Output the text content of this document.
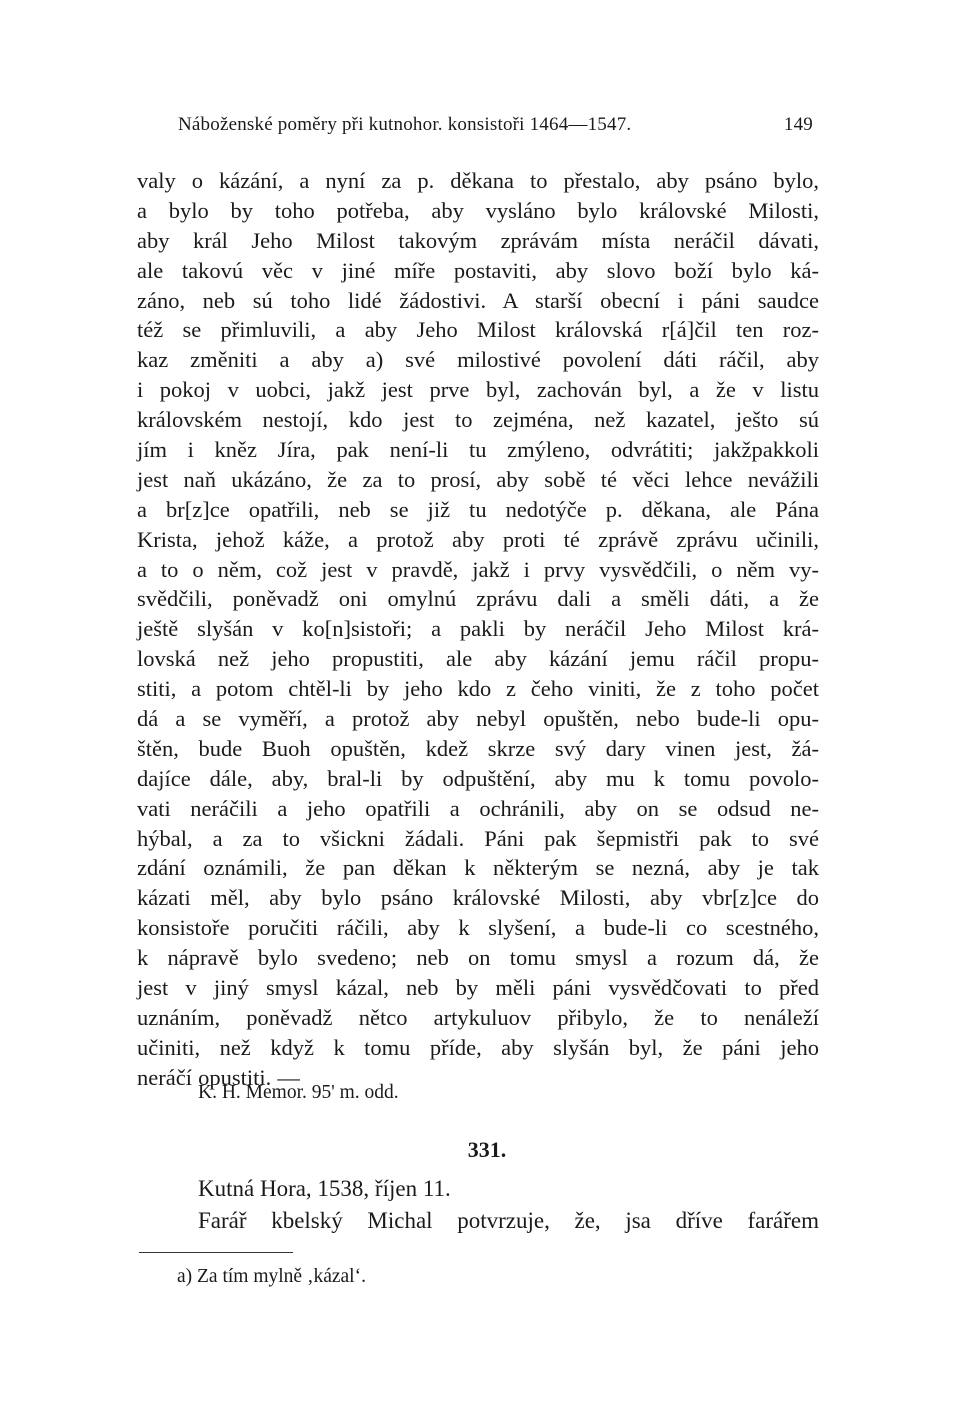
Náboženské poměry při kutnohor. konsistoři 1464—1547.	149
valy o kázání, a nyní za p. děkana to přestalo, aby psáno bylo,
a bylo by toho potřeba, aby vysláno bylo královské Milosti,
aby král Jeho Milost takovým zprávám místa neráčil dávati,
ale takovú věc v jiné míře postaviti, aby slovo boží bylo ká-
záno, neb sú toho lidé žádostivi. A starší obecní i páni saudce
též se přimluvili, a aby Jeho Milost královská r[á]čil ten roz-
kaz změniti a aby a) své milostivé povolení dáti ráčil, aby
i pokoj v uobci, jakž jest prve byl, zachován byl, a že v listu
královském nestojí, kdo jest to zejména, než kazatel, ješto sú
jím i kněz Jíra, pak není-li tu zmýleno, odvrátiti; jakžpakkoli
jest naň ukázáno, že za to prosí, aby sobě té věci lehce nevážili
a br[z]ce opatřili, neb se již tu nedotýče p. děkana, ale Pána
Krista, jehož káže, a protož aby proti té zprávě zprávu učinili,
a to o něm, což jest v pravdě, jakž i prvy vysvědčili, o něm vy-
svědčili, poněvadž oni omylnú zprávu dali a směli dáti, a že
ještě slyšán v ko[n]sistoři; a pakli by neráčil Jeho Milost krá-
lovská než jeho propustiti, ale aby kázání jemu ráčil propu-
stiti, a potom chtěl-li by jeho kdo z čeho viniti, že z toho počet
dá a se vyměří, a protož aby nebyl opuštěn, nebo bude-li opu-
štěn, bude Buoh opuštěn, kdež skrze svý dary vinen jest, žá-
dajíce dále, aby, bral-li by odpuštění, aby mu k tomu povolo-
vati neráčili a jeho opatřili a ochránili, aby on se odsud ne-
hýbal, a za to všickni žádali. Páni pak šepmistři pak to své
zdání oznámili, že pan děkan k některým se nezná, aby je tak
kázati měl, aby bylo psáno královské Milosti, aby vbr[z]ce do
konsistoře poručiti ráčili, aby k slyšení, a bude-li co scestného,
k nápravě bylo svedeno; neb on tomu smysl a rozum dá, že
jest v jiný smysl kázal, neb by měli páni vysvědčovati to před
uznáním, poněvadž nětco artykuluov přibylo, že to nenáleží
učiniti, než když k tomu příde, aby slyšán byl, že páni jeho
neráčí opustiti. —
K. H. Memor. 95' m. odd.
331.
Kutná Hora, 1538, říjen 11.
Farář kbelský Michal potvrzuje, že, jsa dříve farářem
a) Za tím mylně ‚kázal‘.
